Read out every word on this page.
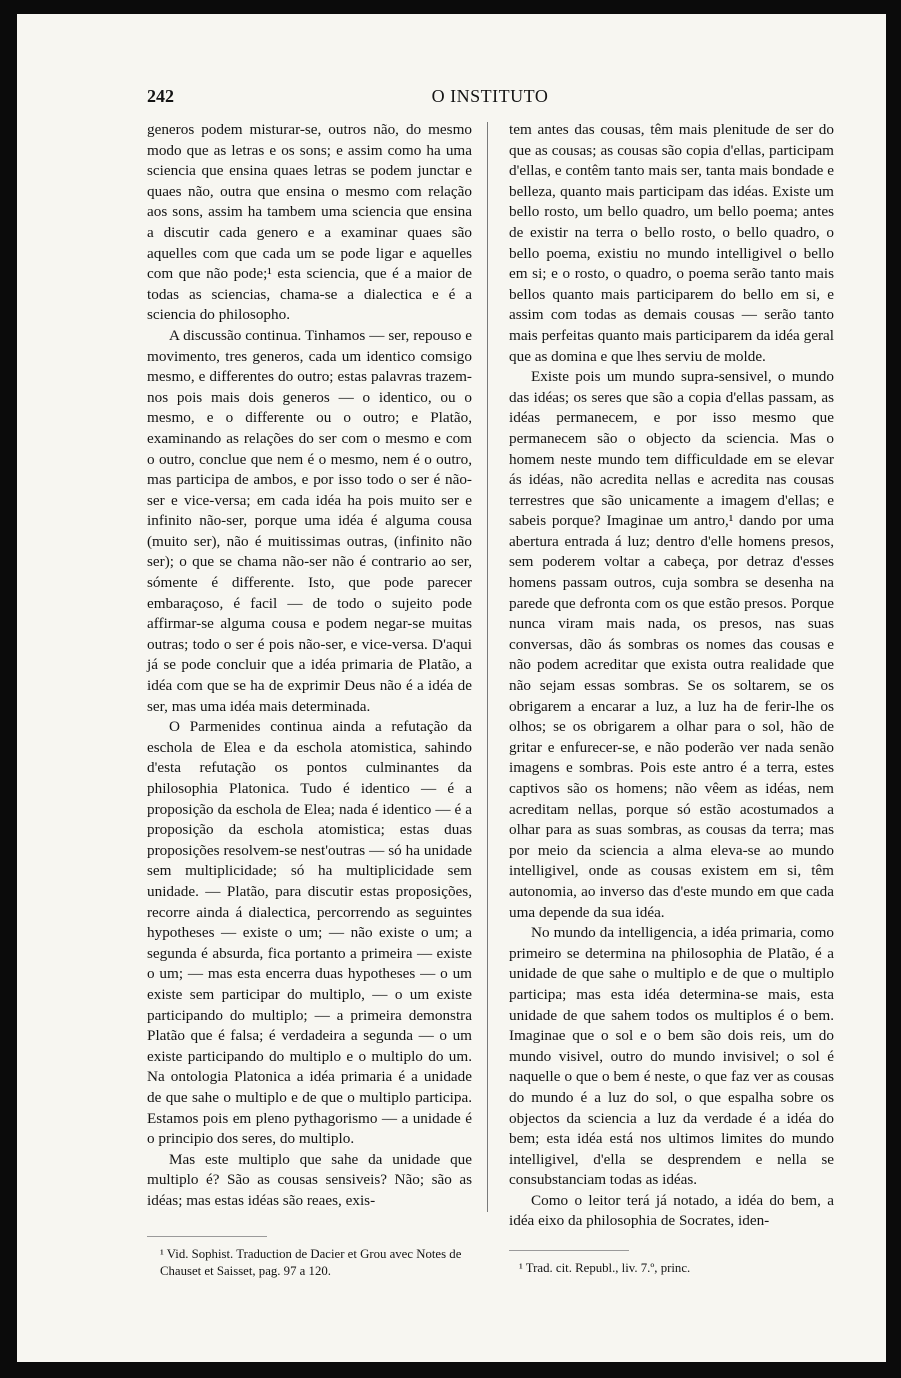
242	O INSTITUTO

generos podem misturar-se, outros não, do mesmo modo que as letras e os sons; e assim como ha uma sciencia que ensina quaes letras se podem junctar e quaes não, outra que ensina o mesmo com relação aos sons, assim ha tambem uma sciencia que ensina a discutir cada genero e a examinar quaes são aquelles com que cada um se pode ligar e aquelles com que não pode;¹ esta sciencia, que é a maior de todas as sciencias, chama-se a dialectica e é a sciencia do philosopho.

A discussão continua. Tinhamos — ser, repouso e movimento, tres generos, cada um identico comsigo mesmo, e differentes do outro; estas palavras trazem-nos pois mais dois generos — o identico, ou o mesmo, e o differente ou o outro; e Platão, examinando as relações do ser com o mesmo e com o outro, conclue que nem é o mesmo, nem é o outro, mas participa de ambos, e por isso todo o ser é não-ser e vice-versa; em cada idéa ha pois muito ser e infinito não-ser, porque uma idéa é alguma cousa (muito ser), não é muitissimas outras, (infinito não ser); o que se chama não-ser não é contrario ao ser, sómente é differente. Isto, que pode parecer embaraçoso, é facil — de todo o sujeito pode affirmar-se alguma cousa e podem negar-se muitas outras; todo o ser é pois não-ser, e vice-versa. D'aqui já se pode concluir que a idéa primaria de Platão, a idéa com que se ha de exprimir Deus não é a idéa de ser, mas uma idéa mais determinada.

O Parmenides continua ainda a refutação da escholа de Elea e da eschola atomistica, sahindo d'esta refutação os pontos culminantes da philosophia Platonica. Tudo é identico — é a proposição da eschola de Elea; nada é identico — é a proposição da eschola atomistica; estas duas proposições resolvem-se nest'outras — só ha unidade sem multiplicidade; só ha multiplicidade sem unidade. — Platão, para discutir estas proposições, recorre ainda á dialectica, percorrendo as seguintes hypotheses — existe o um; — não existe o um; a segunda é absurda, fica portanto a primeira — existe o um; — mas esta encerra duas hypotheses — o um existe sem participar do multiplo, — o um existe participando do multiplo; — a primeira demonstra Platão que é falsa; é verdadeira a segunda — o um existe participando do multiplo e o multiplo do um. Na ontologia Platonica a idéa primaria é a unidade de que sahe o multiplo e de que o multiplo participa. Estamos pois em pleno pythagorismo — a unidade é o principio dos seres, do multiplo.

Mas este multiplo que sahe da unidade que multiplo é? São as cousas sensiveis? Não; são as idéas; mas estas idéas são reaes, exis-

tem antes das cousas, têm mais plenitude de ser do que as cousas; as cousas são copia d'ellas, participam d'ellas, e contêm tanto mais ser, tanta mais bondade e belleza, quanto mais participam das idéas. Existe um bello rosto, um bello quadro, um bello poema; antes de existir na terra o bello rosto, o bello quadro, o bello poema, existiu no mundo intelligivel o bello em si; e o rosto, o quadro, o poema serão tanto mais bellos quanto mais participarem do bello em si, e assim com todas as demais cousas — serão tanto mais perfeitas quanto mais participarem da idéa geral que as domina e que lhes serviu de molde.

Existe pois um mundo supra-sensivel, o mundo das idéas; os seres que são a copia d'ellas passam, as idéas permanecem, e por isso mesmo que permanecem são o objecto da sciencia. Mas o homem neste mundo tem difficuldade em se elevar ás idéas, não acredita nellas e acredita nas cousas terrestres que são unicamente a imagem d'ellas; e sabeis porque? Imaginae um antro,¹ dando por uma abertura entrada á luz; dentro d'elle homens presos, sem poderem voltar a cabeça, por detraz d'esses homens passam outros, cuja sombra se desenha na parede que defronta com os que estão presos. Porque nunca viram mais nada, os presos, nas suas conversas, dão ás sombras os nomes das cousas e não podem acreditar que exista outra realidade que não sejam essas sombras. Se os soltarem, se os obrigarem a encarar a luz, a luz ha de ferir-lhe os olhos; se os obrigarem a olhar para o sol, hão de gritar e enfurecer-se, e não poderão ver nada senão imagens e sombras. Pois este antro é a terra, estes captivos são os homens; não vêem as idéas, nem acreditam nellas, porque só estão acostumados a olhar para as suas sombras, as cousas da terra; mas por meio da sciencia a alma eleva-se ao mundo intelligivel, onde as cousas existem em si, têm autonomia, ao inverso das d'este mundo em que cada uma depende da sua idéa.

No mundo da intelligencia, a idéa primaria, como primeiro se determina na philosophia de Platão, é a unidade de que sahe o multiplo e de que o multiplo participa; mas esta idéa determina-se mais, esta unidade de que sahem todos os multiplos é o bem. Imaginae que o sol e o bem são dois reis, um do mundo visivel, outro do mundo invisivel; o sol é naquelle o que o bem é neste, o que faz ver as cousas do mundo é a luz do sol, o que espalha sobre os objectos da sciencia a luz da verdade é a idéa do bem; esta idéa está nos ultimos limites do mundo intelligivel, d'ella se desprendem e nella se consubstanciam todas as idéas.

Como o leitor terá já notado, a idéa do bem, a idéa eixo da philosophia de Socrates, iden-

¹ Vid. Sophist. Traduction de Dacier et Grou avec Notes de Chauset et Saisset, pag. 97 a 120.	¹ Trad. cit. Republ., liv. 7.º, princ.
